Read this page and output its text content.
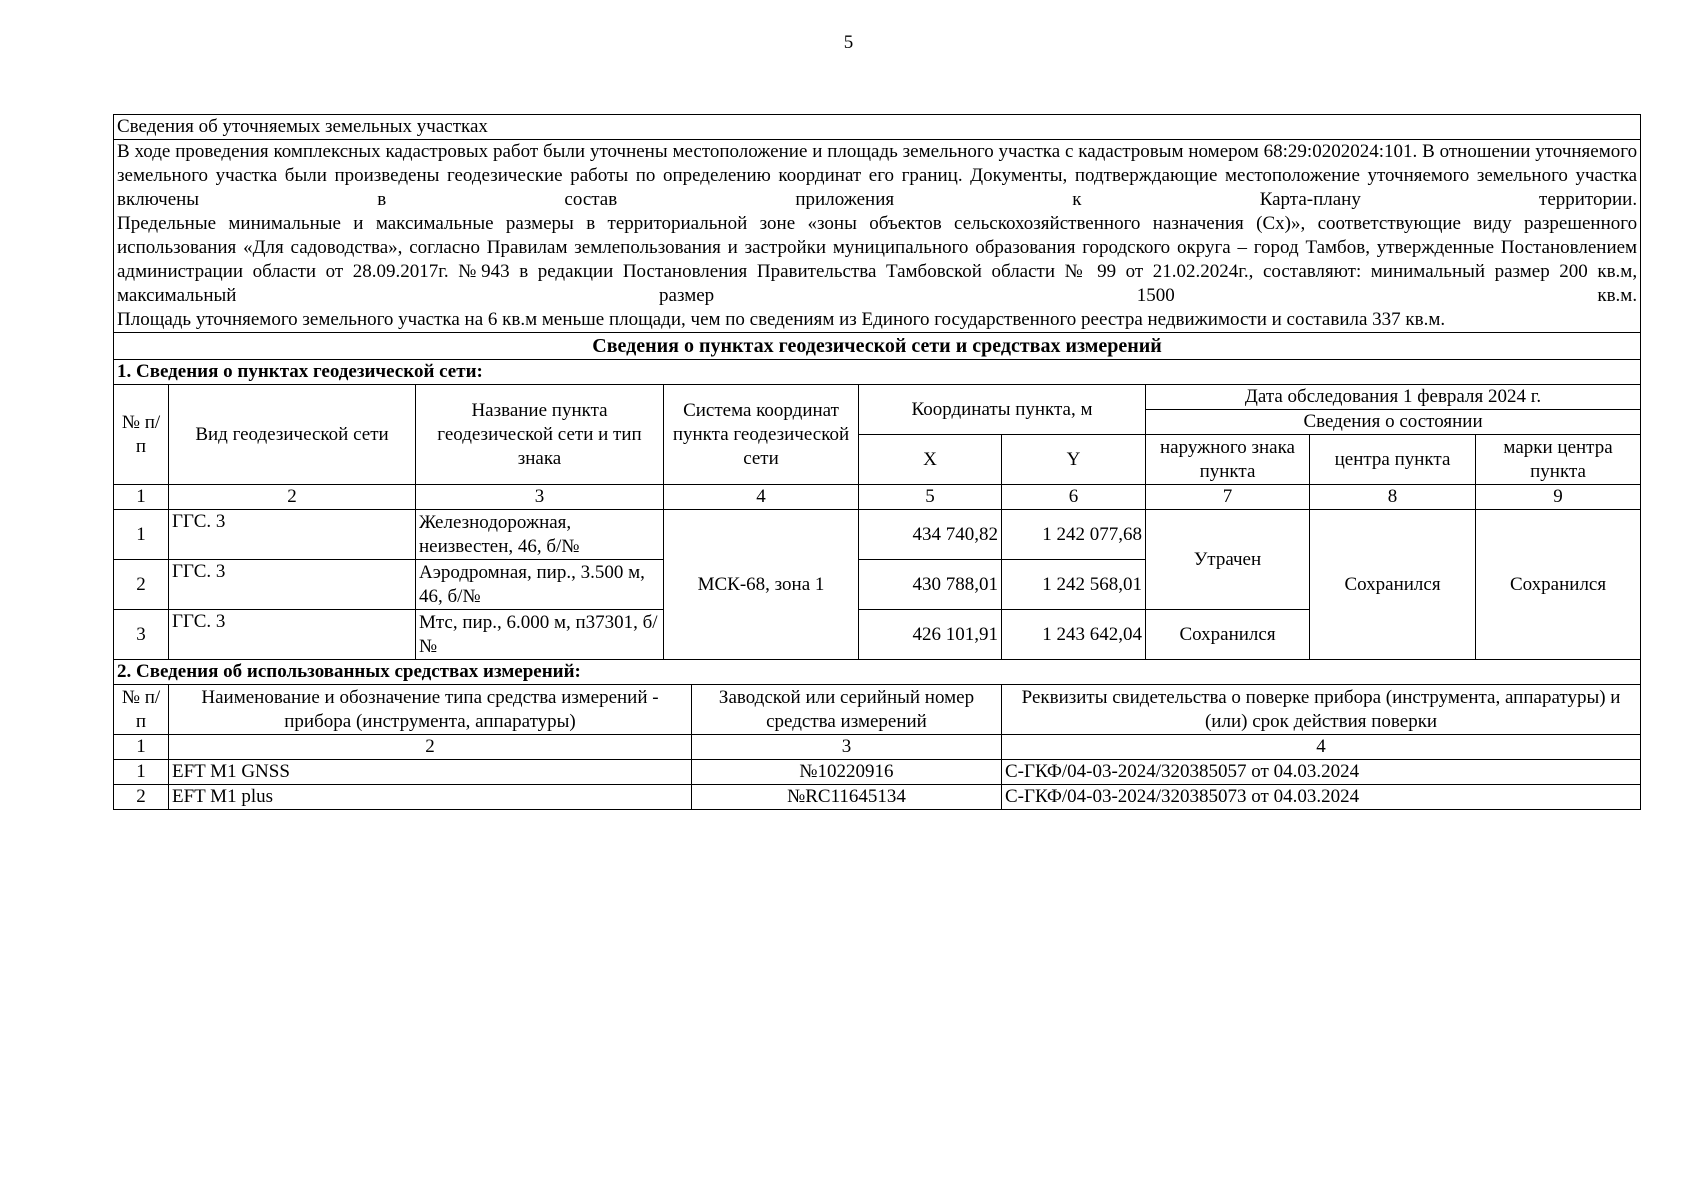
5
Сведения об уточняемых земельных участках									

В ходе проведения комплексных кадастровых работ были уточнены местоположение и площадь земельного участка с кадастровым номером 68:29:0202024:101. В отношении уточняемого земельного участка были произведены геодезические работы по определению координат его границ. Документы, подтверждающие местоположение уточняемого земельного участка включены в состав приложения к Карта-плану территории.
Предельные минимальные и максимальные размеры в территориальной зоне «зоны объектов сельскохозяйственного назначения (Сх)», соответствующие виду разрешенного использования «Для садоводства», согласно Правилам землепользования и застройки муниципального образования городского округа – город Тамбов, утвержденные Постановлением администрации области от 28.09.2017г. №943 в редакции Постановления Правительства Тамбовской области № 99 от 21.02.2024г., составляют: минимальный размер 200 кв.м, максимальный размер 1500 кв.м.
Площадь уточняемого земельного участка на 6 кв.м меньше площади, чем по сведениям из Единого государственного реестра недвижимости и составила 337 кв.м.									

Сведения о пунктах геодезической сети и средствах измерений									
1. Сведения о пунктах геодезической сети:									
№ п/п	Вид геодезической сети	Название пункта геодезической сети и тип знака	Система координат пункта геодезической сети		Координаты пункта, м		Дата обследования 1 февраля 2024 г.		
							Сведения о состоянии		
					X	Y	наружного знака пункта	центра пункта	марки центра пункта
1	2	3	4		5	6	7	8	9
1	ГГС. 3	Железнодорожная, неизвестен, 46, б/№	МСК-68, зона 1		434 740,82	1 242 077,68	Утрачен	Сохранился	Сохранился
2	ГГС. 3	Аэродромная, пир., 3.500 м, 46, б/№			430 788,01	1 242 568,01			
3	ГГС. 3	Мтс, пир., 6.000 м, п37301, б/№			426 101,91	1 243 642,04	Сохранился		
2. Сведения об использованных средствах измерений:									
№ п/п	Наименование и обозначение типа средства измерений - прибора (инструмента, аппаратуры)			Заводской или серийный номер средства измерений		Реквизиты свидетельства о поверке прибора (инструмента, аппаратуры) и (или) срок действия поверки			
1	2			3		4			
1	EFT M1 GNSS			№10220916		С-ГКФ/04-03-2024/320385057 от 04.03.2024			
2	EFT M1 plus			№RC11645134		С-ГКФ/04-03-2024/320385073 от 04.03.2024			
